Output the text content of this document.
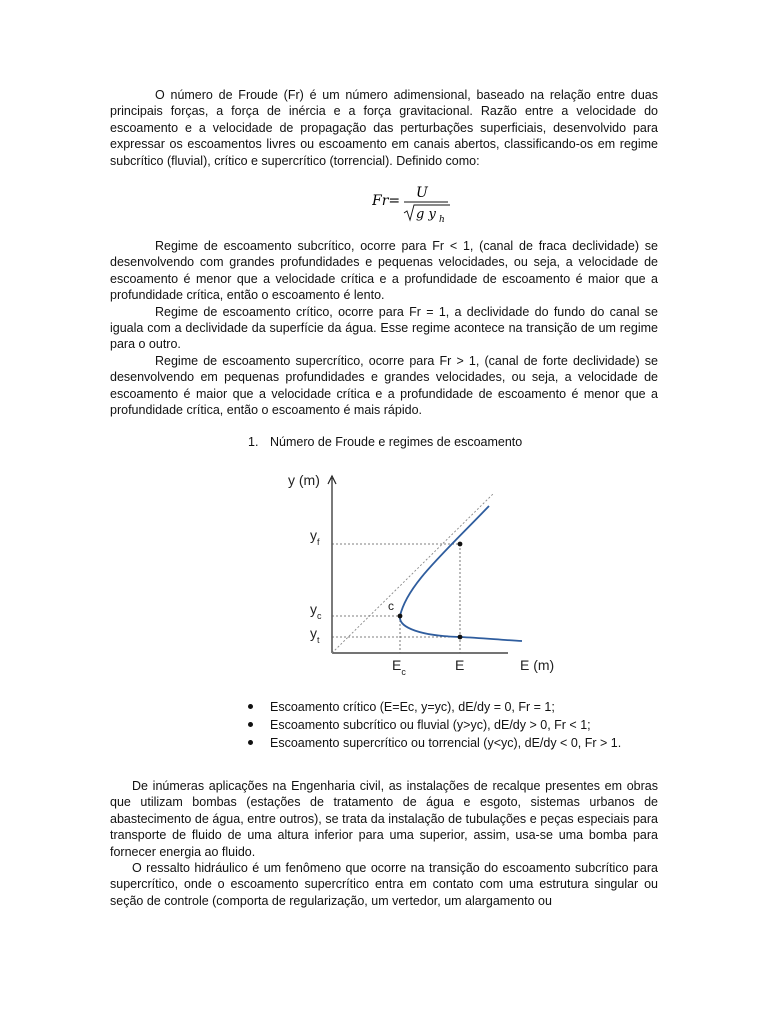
O número de Froude (Fr) é um número adimensional, baseado na relação entre duas principais forças, a força de inércia e a força gravitacional. Razão entre a velocidade do escoamento e a velocidade de propagação das perturbações superficiais, desenvolvido para expressar os escoamentos livres ou escoamento em canais abertos, classificando-os em regime subcrítico (fluvial), crítico e supercrítico (torrencial). Definido como:

Fr= U
g y h

Regime de escoamento subcrítico, ocorre para Fr < 1, (canal de fraca declividade) se desenvolvendo com grandes profundidades e pequenas velocidades, ou seja, a velocidade de escoamento é menor que a velocidade crítica e a profundidade de escoamento é maior que a profundidade crítica, então o escoamento é lento.

Regime de escoamento crítico, ocorre para Fr = 1, a declividade do fundo do canal se iguala com a declividade da superfície da água. Esse regime acontece na transição de um regime para o outro.

Regime de escoamento supercrítico, ocorre para Fr > 1, (canal de forte declividade) se desenvolvendo em pequenas profundidades e grandes velocidades, ou seja, a velocidade de escoamento é maior que a velocidade crítica e a profundidade de escoamento é menor que a profundidade crítica, então o escoamento é mais rápido.

1. Número de Froude e regimes de escoamento

y (m)
E (m)
c
$y_f$
$y_c$
$y_t$
$E_c$	E
Escoamento crítico (E=Ec, y=yc), dE/dy = 0, Fr = 1;
Escoamento subcrítico ou fluvial (y>yc), dE/dy > 0, Fr < 1;
Escoamento supercrítico ou torrencial (y<yc), dE/dy < 0, Fr > 1.

De inúmeras aplicações na Engenharia civil, as instalações de recalque presentes em obras que utilizam bombas (estações de tratamento de água e esgoto, sistemas urbanos de abastecimento de água, entre outros), se trata da instalação de tubulações e peças especiais para transporte de fluido de uma altura inferior para uma superior, assim, usa-se uma bomba para fornecer energia ao fluido.

O ressalto hidráulico é um fenômeno que ocorre na transição do escoamento subcrítico para supercrítico, onde o escoamento supercrítico entra em contato com uma estrutura singular ou seção de controle (comporta de regularização, um vertedor, um alargamento ou
